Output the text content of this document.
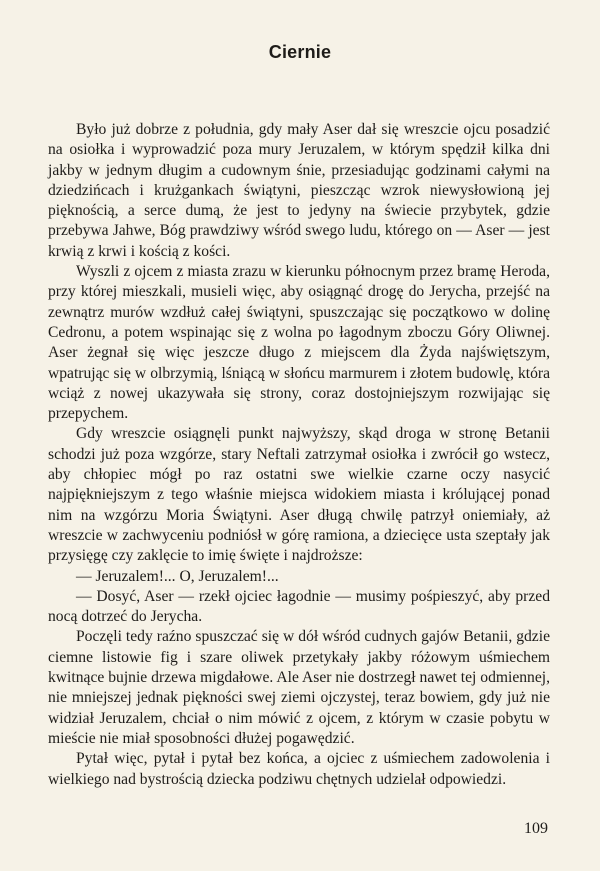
Ciernie

Było już dobrze z południa, gdy mały Aser dał się wreszcie ojcu posadzić na osiołka i wyprowadzić poza mury Jeruzalem, w którym spędził kilka dni jakby w jednym długim a cudownym śnie, przesiadując godzinami całymi na dziedzińcach i krużgankach świątyni, pieszcząc wzrok niewysłowioną jej pięknością, a serce dumą, że jest to jedyny na świecie przybytek, gdzie przebywa Jahwe, Bóg prawdziwy wśród swego ludu, którego on — Aser — jest krwią z krwi i kością z kości.

Wyszli z ojcem z miasta zrazu w kierunku północnym przez bramę Heroda, przy której mieszkali, musieli więc, aby osiągnąć drogę do Jerycha, przejść na zewnątrz murów wzdłuż całej świątyni, spuszczając się początkowo w dolinę Cedronu, a potem wspinając się z wolna po łagodnym zboczu Góry Oliwnej. Aser żegnał się więc jeszcze długo z miejscem dla Żyda najświętszym, wpatrując się w olbrzymią, lśniącą w słońcu marmurem i złotem budowlę, która wciąż z nowej ukazywała się strony, coraz dostojniejszym rozwijając się przepychem.

Gdy wreszcie osiągnęli punkt najwyższy, skąd droga w stronę Betanii schodzi już poza wzgórze, stary Neftali zatrzymał osiołka i zwrócił go wstecz, aby chłopiec mógł po raz ostatni swe wielkie czarne oczy nasycić najpiękniejszym z tego właśnie miejsca widokiem miasta i królującej ponad nim na wzgórzu Moria Świątyni. Aser długą chwilę patrzył oniemiały, aż wreszcie w zachwyceniu podniósł w górę ramiona, a dziecięce usta szeptały jak przysięgę czy zaklęcie to imię święte i najdroższe:

— Jeruzalem!... O, Jeruzalem!...

— Dosyć, Aser — rzekł ojciec łagodnie — musimy pośpieszyć, aby przed nocą dotrzeć do Jerycha.

Poczęli tedy raźno spuszczać się w dół wśród cudnych gajów Betanii, gdzie ciemne listowie fig i szare oliwek przetykały jakby różowym uśmiechem kwitnące bujnie drzewa migdałowe. Ale Aser nie dostrzegł nawet tej odmiennej, nie mniejszej jednak piękności swej ziemi ojczystej, teraz bowiem, gdy już nie widział Jeruzalem, chciał o nim mówić z ojcem, z którym w czasie pobytu w mieście nie miał sposobności dłużej pogawędzić.

Pytał więc, pytał i pytał bez końca, a ojciec z uśmiechem zadowolenia i wielkiego nad bystrością dziecka podziwu chętnych udzielał odpowiedzi.

109
